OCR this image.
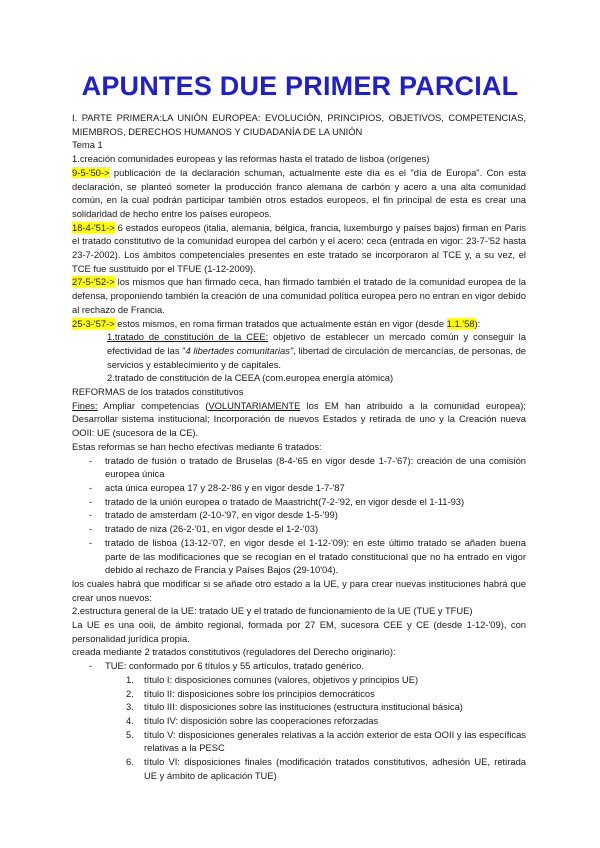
APUNTES DUE PRIMER PARCIAL

I. PARTE PRIMERA:LA UNIÓN EUROPEA: EVOLUCIÓN, PRINCIPIOS, OBJETIVOS, COMPETENCIAS, MIEMBROS, DERECHOS HUMANOS Y CIUDADANÍA DE LA UNIÓN

Tema 1

1.creación comunidades europeas y las reformas hasta el tratado de lisboa (orígenes)

9-5-'50-> publicación de la declaración schuman, actualmente este día es el "día de Europa". Con esta declaración, se planteó someter la producción franco alemana de carbón y acero a una alta comunidad común, en la cual podrán participar también otros estados europeos, el fin principal de esta es crear una solidaridad de hecho entre los países europeos.

18-4-'51-> 6 estados europeos (italia, alemania, bélgica, francia, luxemburgo y países bajos) firman en Paris el tratado constitutivo de la comunidad europea del carbón y el acero: ceca (entrada en vigor: 23-7-'52 hasta 23-7-2002). Los ámbitos competenciales presentes en este tratado se incorporaron al TCE y, a su vez, el TCE fue sustituido por el TFUE (1-12-2009).

27-5-'52-> los mismos que han firmado ceca, han firmado también el tratado de la comunidad europea de la defensa, proponiendo también la creación de una comunidad política europea pero no entran en vigor debido al rechazo de Francia.

25-3-'57-> estos mismos, en roma firman tratados que actualmente están en vigor (desde 1.1.'58):

1.tratado de constitución de la CEE: objetivo de establecer un mercado común y conseguir la efectividad de las "4 libertades comunitarias", libertad de circulación de mercancías, de personas, de servicios y establecimiento y de capitales.

2.tratado de constitución de la CEEA (com.europea energía atómica)

REFORMAS de los tratados constitutivos

Fines: Ampliar competencias (VOLUNTARIAMENTE los EM han atribuido a la comunidad europea); Desarrollar sistema institucional; Incorporación de nuevos Estados y retirada de uno y la Creación nueva OOII: UE (sucesora de la CE).

Estas reformas se han hecho efectivas mediante 6 tratados:

- tratado de fusión o tratado de Bruselas (8-4-'65 en vigor desde 1-7-'67): creación de una comisión europea única
- acta única europea 17 y 28-2-'86 y en vigor desde 1-7-'87
- tratado de la unión europea o tratado de Maastricht(7-2-'92, en vigor desde el 1-11-93)
- tratado de amsterdam (2-10-'97, en vigor desde 1-5-'99)
- tratado de niza (26-2-'01, en vigor desde el 1-2-'03)
- tratado de lisboa (13-12-'07, en vigor desde el 1-12-'09): en este último tratado se añaden buena parte de las modificaciones que se recogían en el tratado constitucional que no ha entrado en vigor debido al rechazo de Francia y Países Bajos (29-10'04).

los cuales habrá que modificar si se añade otro estado a la UE, y para crear nuevas instituciones habrá que crear unos nuevos:

2.estructura general de la UE: tratado UE y el tratado de funcionamiento de la UE (TUE y TFUE)

La UE es una ooii, de ámbito regional, formada por 27 EM, sucesora CEE y CE (desde 1-12-'09), con personalidad jurídica propia.

creada mediante 2 tratados constitutivos (reguladores del Derecho originario):

- TUE: conformado por 6 títulos y 55 artículos, tratado genérico.
1. título I: disposiciones comunes (valores, objetivos y principios UE)
2. título II: disposiciones sobre los principios democráticos
3. título III: disposiciones sobre las instituciones (estructura institucional básica)
4. título IV: disposición sobre las cooperaciones reforzadas
5. título V: disposiciones generales relativas a la acción exterior de esta OOII y las específicas relativas a la PESC
6. título VI: disposiciones finales (modificación tratados constitutivos, adhesión UE, retirada UE y ámbito de aplicación TUE)
